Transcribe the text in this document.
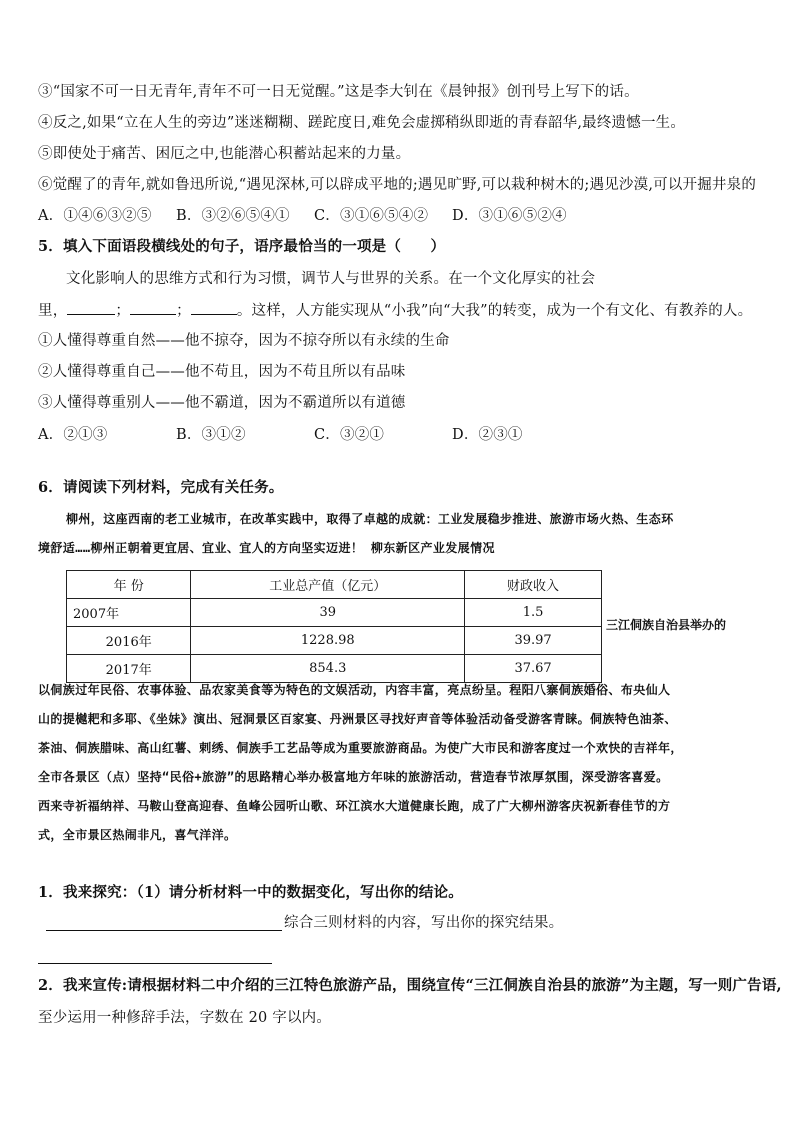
③“国家不可一日无青年,青年不可一日无觉醒。”这是李大钊在《晨钟报》创刊号上写下的话。
④反之,如果“立在人生的旁边”迷迷糊糊、蹉跎度日,难免会虚掷稍纵即逝的青春韶华,最终遗憾一生。
⑤即使处于痛苦、困厄之中,也能潜心积蓄站起来的力量。
⑥觉醒了的青年,就如鲁迅所说,“遇见深林,可以辟成平地的;遇见旷野,可以栽种树木的;遇见沙漠,可以开掘井泉的
A．①④⑥③②⑤ B．③②⑥⑤④① C．③①⑥⑤④② D．③①⑥⑤②④
5．填入下面语段横线处的句子，语序最恰当的一项是（　　）
文化影响人的思维方式和行为习惯，调节人与世界的关系。在一个文化厚实的社会
里，	；	；	。这样，人方能实现从“小我”向“大我”的转变，成为一个有文化、有教养的人。
①人懂得尊重自然——他不掠夺，因为不掠夺所以有永续的生命
②人懂得尊重自己——他不苟且，因为不苟且所以有品味
③人懂得尊重别人——他不霸道，因为不霸道所以有道德
A．②①③	B．③①②	C．③②①	D．②③①
6．请阅读下列材料，完成有关任务。
柳州，这座西南的老工业城市，在改革实践中，取得了卓越的成就：工业发展稳步推进、旅游市场火热、生态环
境舒适……柳州正朝着更宜居、宜业、宜人的方向坚实迈进！ 柳东新区产业发展情况
年 份	工业总产值（亿元）	财政收入
2007年	39	1.5
2016年	1228.98	39.97
2017年	854.3	37.67
三江侗族自治县举办的
以侗族过年民俗、农事体验、品农家美食等为特色的文娱活动，内容丰富，亮点纷呈。程阳八寨侗族婚俗、布央仙人
山的提樾耙和多耶、《坐妹》演出、冠洞景区百家宴、丹洲景区寻找好声音等体验活动备受游客青睐。侗族特色油茶、
茶油、侗族腊味、高山红薯、剌绣、侗族手工艺品等成为重要旅游商品。为使广大市民和游客度过一个欢快的吉祥年，
全市各景区（点）坚持“民俗+旅游”的思路精心举办极富地方年味的旅游活动，营造春节浓厚氛围，深受游客喜爱。
西来寺祈福纳祥、马鞍山登高迎春、鱼峰公园听山歌、环江滨水大道健康长跑，成了广大柳州游客庆祝新春佳节的方
式，全市景区热闹非凡，喜气洋洋。
1．我来探究：（1）请分析材料一中的数据变化，写出你的结论。
综合三则材料的内容，写出你的探究结果。
2．我来宣传:请根据材料二中介绍的三江特色旅游产品，围绕宣传“三江侗族自治县的旅游”为主题，写一则广告语,
至少运用一种修辞手法，字数在 20 字以内。
